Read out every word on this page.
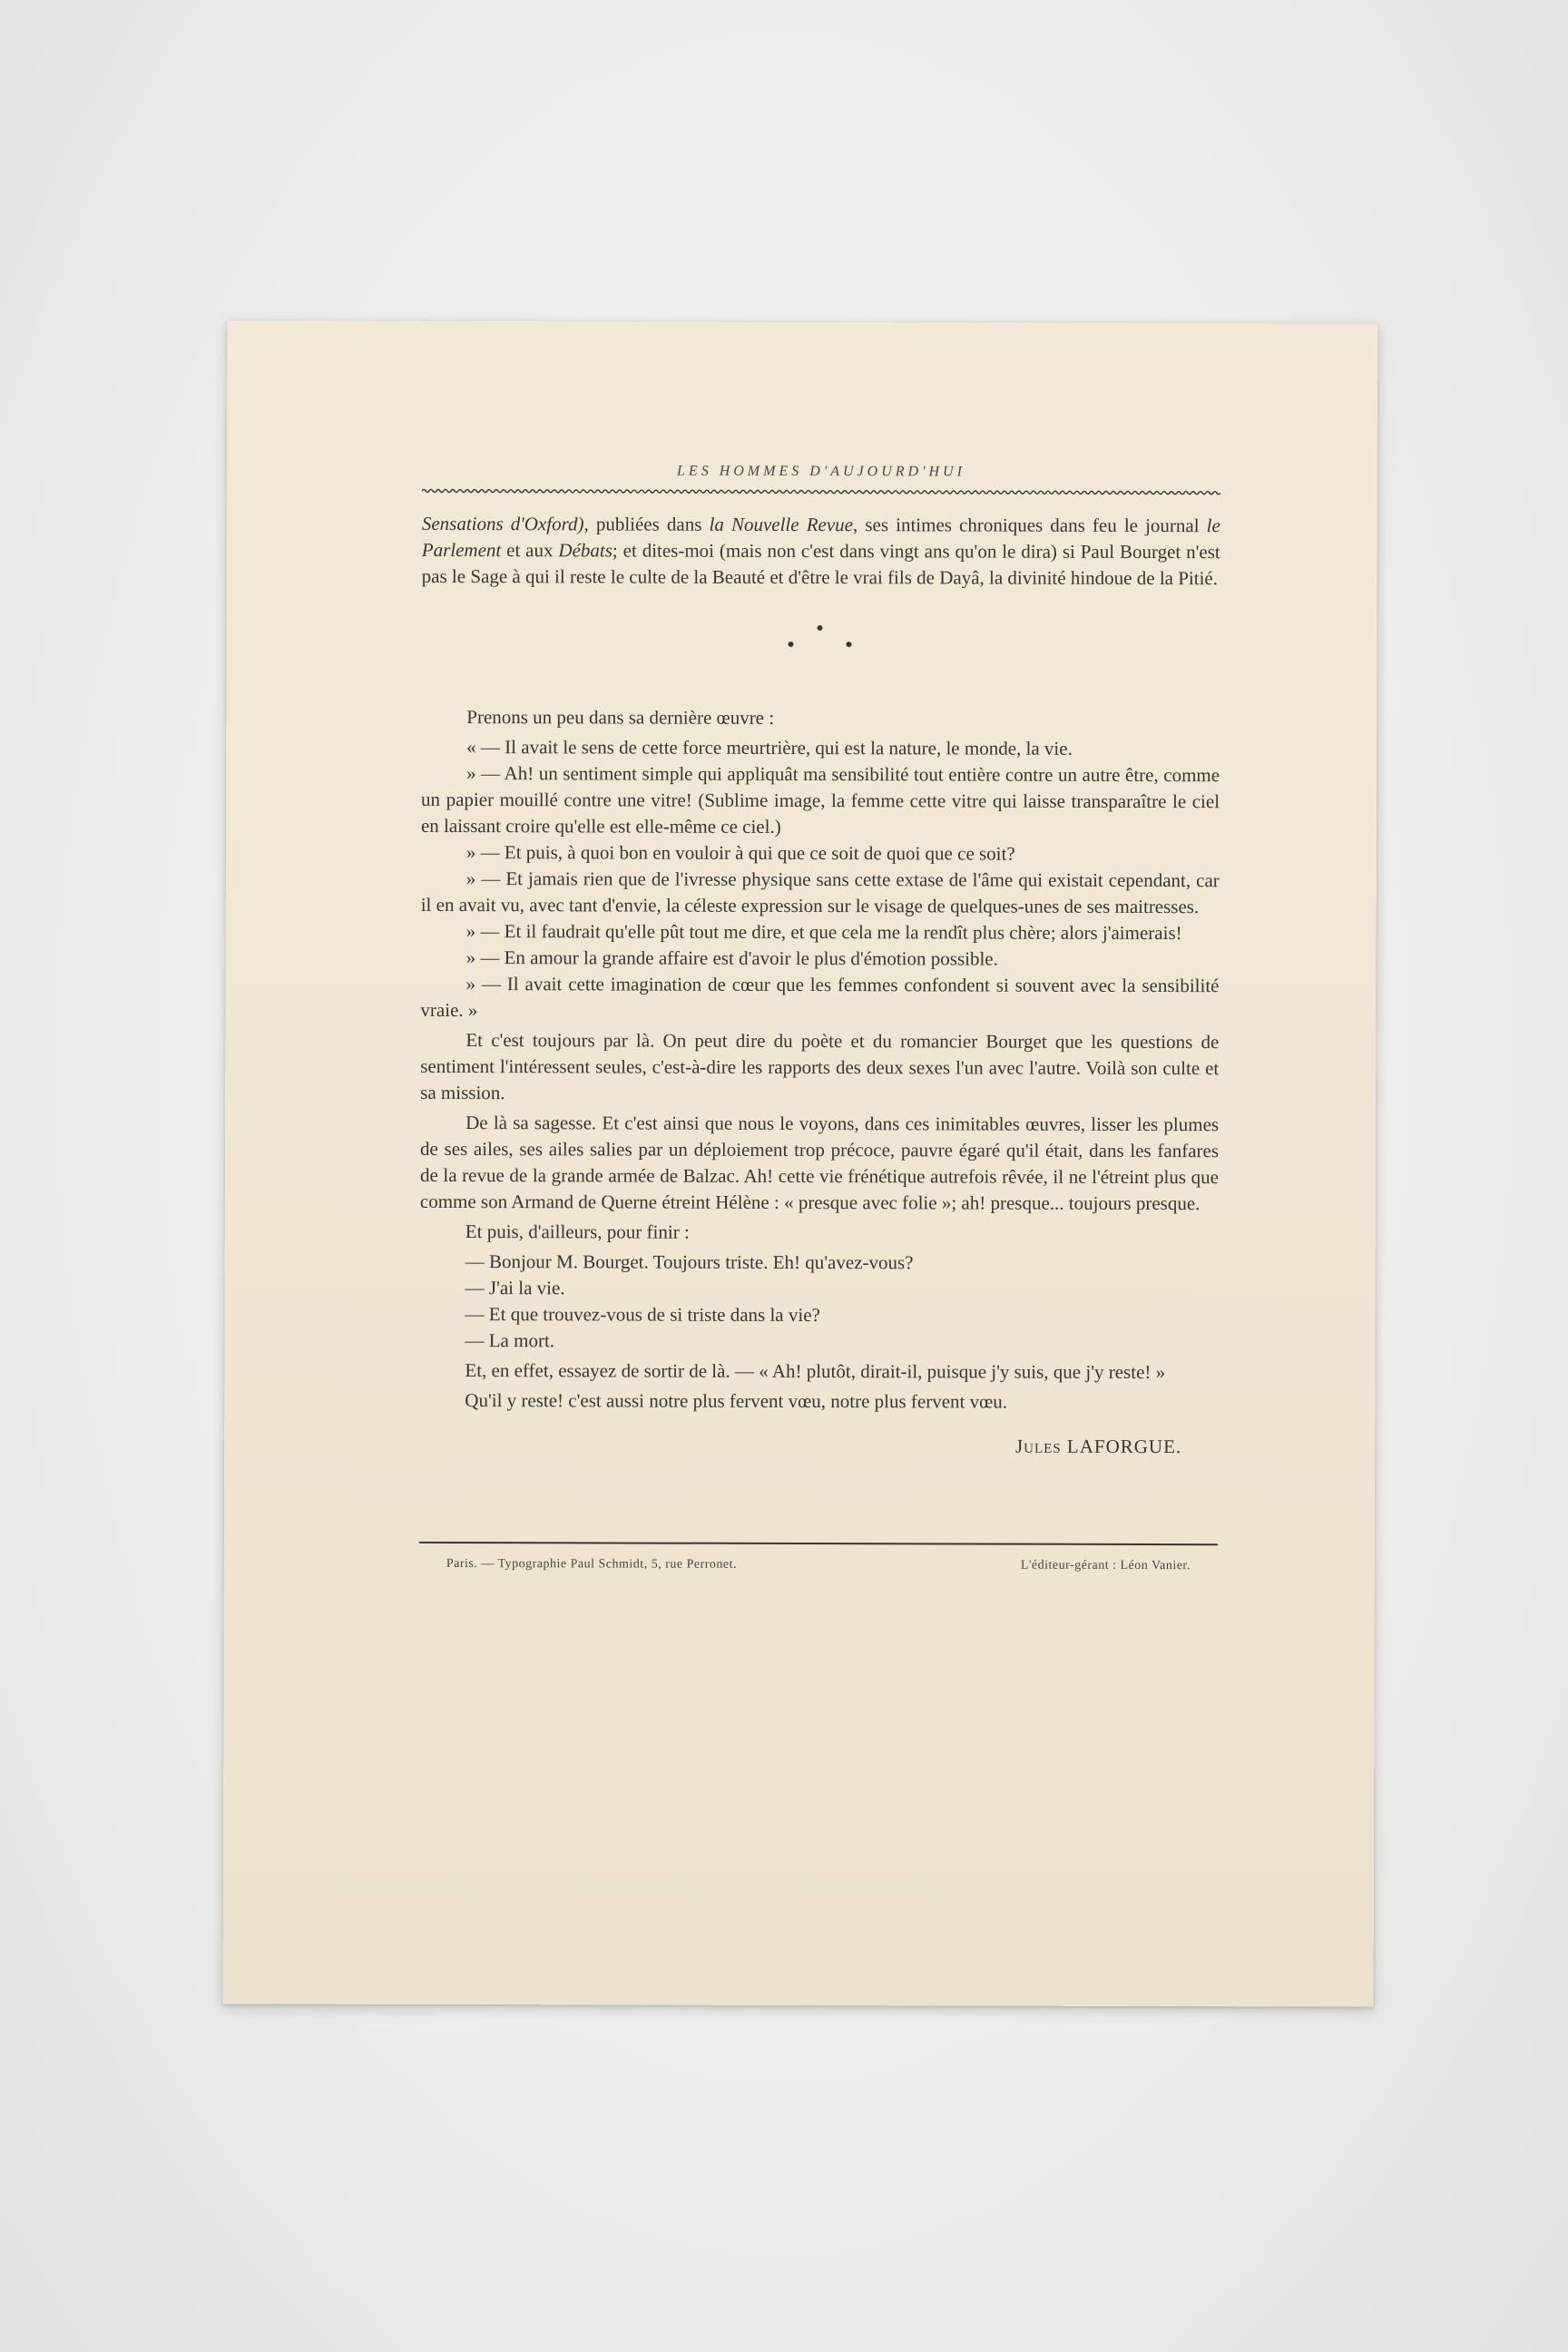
LES HOMMES D'AUJOURD'HUI

Sensations d'Oxford), publiées dans la Nouvelle Revue, ses intimes chroniques dans feu le journal le Parlement et aux Débats; et dites-moi (mais non c'est dans vingt ans qu'on le dira) si Paul Bourget n'est pas le Sage à qui il reste le culte de la Beauté et d'être le vrai fils de Dayâ, la divinité hindoue de la Pitié.

Prenons un peu dans sa dernière œuvre :

« — Il avait le sens de cette force meurtrière, qui est la nature, le monde, la vie.

» — Ah! un sentiment simple qui appliquât ma sensibilité tout entière contre un autre être, comme un papier mouillé contre une vitre! (Sublime image, la femme cette vitre qui laisse transparaître le ciel en laissant croire qu'elle est elle-même ce ciel.)

» — Et puis, à quoi bon en vouloir à qui que ce soit de quoi que ce soit?

» — Et jamais rien que de l'ivresse physique sans cette extase de l'âme qui existait cependant, car il en avait vu, avec tant d'envie, la céleste expression sur le visage de quelques-unes de ses maitresses.

» — Et il faudrait qu'elle pût tout me dire, et que cela me la rendît plus chère; alors j'aimerais!

» — En amour la grande affaire est d'avoir le plus d'émotion possible.

» — Il avait cette imagination de cœur que les femmes confondent si souvent avec la sensibilité vraie. »

Et c'est toujours par là. On peut dire du poète et du romancier Bourget que les questions de sentiment l'intéressent seules, c'est-à-dire les rapports des deux sexes l'un avec l'autre. Voilà son culte et sa mission.

De là sa sagesse. Et c'est ainsi que nous le voyons, dans ces inimitables œuvres, lisser les plumes de ses ailes, ses ailes salies par un déploiement trop précoce, pauvre égaré qu'il était, dans les fanfares de la revue de la grande armée de Balzac. Ah! cette vie frénétique autrefois rêvée, il ne l'étreint plus que comme son Armand de Querne étreint Hélène : « presque avec folie »; ah! presque... toujours presque.

Et puis, d'ailleurs, pour finir :

— Bonjour M. Bourget. Toujours triste. Eh! qu'avez-vous?

— J'ai la vie.

— Et que trouvez-vous de si triste dans la vie?

— La mort.

Et, en effet, essayez de sortir de là. — « Ah! plutôt, dirait-il, puisque j'y suis, que j'y reste! »

Qu'il y reste! c'est aussi notre plus fervent vœu, notre plus fervent vœu.

Jules LAFORGUE.
Paris. — Typographie Paul Schmidt, 5, rue Perronet.	L'éditeur-gérant : Léon Vanier.
